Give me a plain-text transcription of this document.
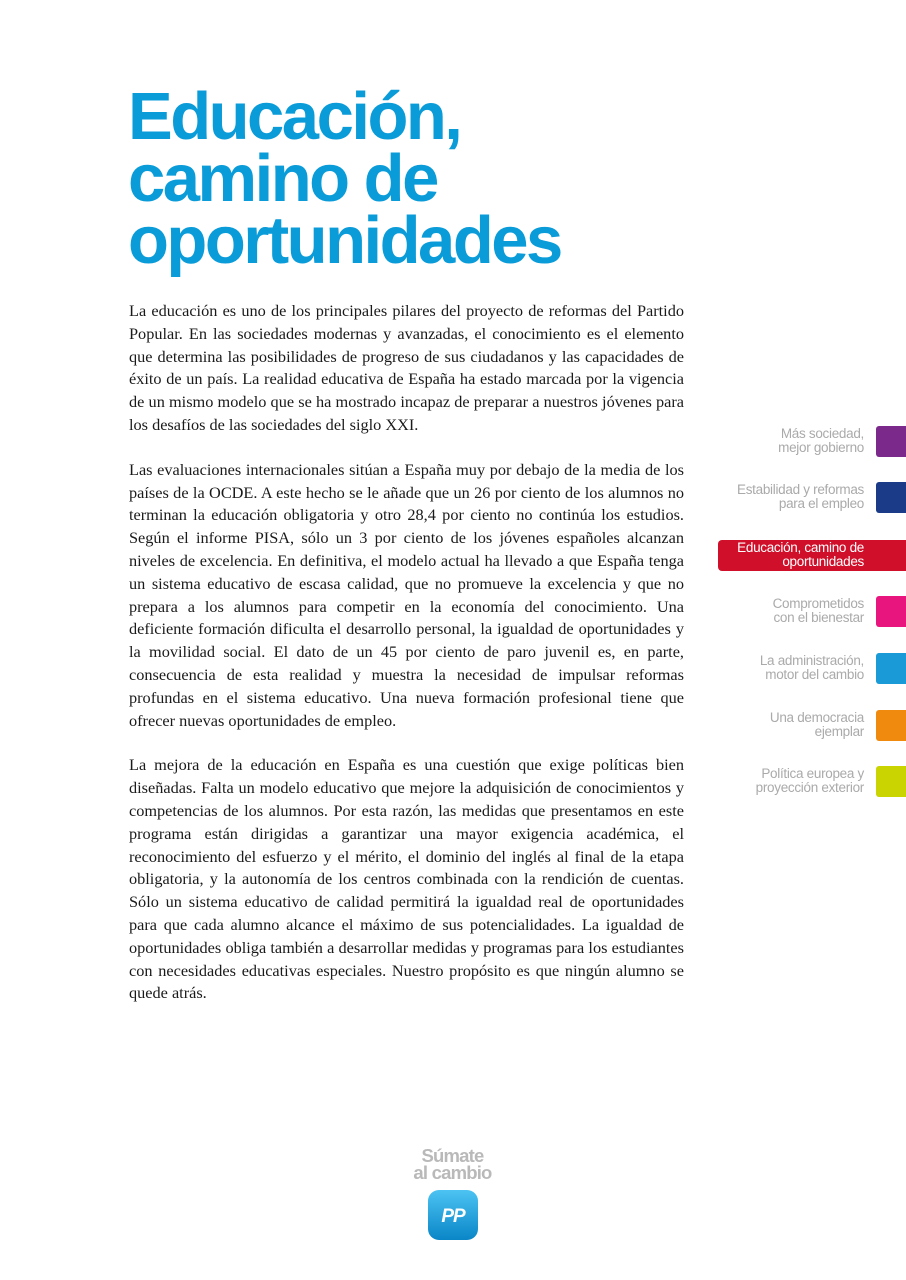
Educación,
camino de
oportunidades

La educación es uno de los principales pilares del proyecto de reformas del Partido Popular. En las sociedades modernas y avanzadas, el conocimiento es el elemento que determina las posibilidades de progreso de sus ciudadanos y las capacidades de éxito de un país. La realidad educativa de España ha estado marcada por la vigencia de un mismo modelo que se ha mostrado incapaz de preparar a nuestros jóvenes para los desafíos de las sociedades del siglo XXI.

Las evaluaciones internacionales sitúan a España muy por debajo de la media de los países de la OCDE. A este hecho se le añade que un 26 por ciento de los alumnos no terminan la educación obligatoria y otro 28,4 por ciento no continúa los estudios. Según el informe PISA, sólo un 3 por ciento de los jóvenes españoles alcanzan niveles de excelencia. En definitiva, el modelo actual ha llevado a que España tenga un sistema educativo de escasa calidad, que no promueve la excelencia y que no prepara a los alumnos para competir en la economía del conocimiento. Una deficiente formación dificulta el desarrollo personal, la igualdad de oportunidades y la movilidad social. El dato de un 45 por ciento de paro juvenil es, en parte, consecuencia de esta realidad y muestra la necesidad de impulsar reformas profundas en el sistema educativo. Una nueva formación profesional tiene que ofrecer nuevas oportunidades de empleo.

La mejora de la educación en España es una cuestión que exige políticas bien diseñadas. Falta un modelo educativo que mejore la adquisición de conocimientos y competencias de los alumnos. Por esta razón, las medidas que presentamos en este programa están dirigidas a garantizar una mayor exigencia académica, el reconocimiento del esfuerzo y el mérito, el dominio del inglés al final de la etapa obligatoria, y la autonomía de los centros combinada con la rendición de cuentas. Sólo un sistema educativo de calidad permitirá la igualdad real de oportunidades para que cada alumno alcance el máximo de sus potencialidades. La igualdad de oportunidades obliga también a desarrollar medidas y programas para los estudiantes con necesidades educativas especiales. Nuestro propósito es que ningún alumno se quede atrás.

Más sociedad,
mejor gobierno
Estabilidad y reformas
para el empleo
Educación, camino de
oportunidades
Comprometidos
con el bienestar
La administración,
motor del cambio
Una democracia
ejemplar
Política europea y
proyección exterior
Súmate
al cambio
PP
